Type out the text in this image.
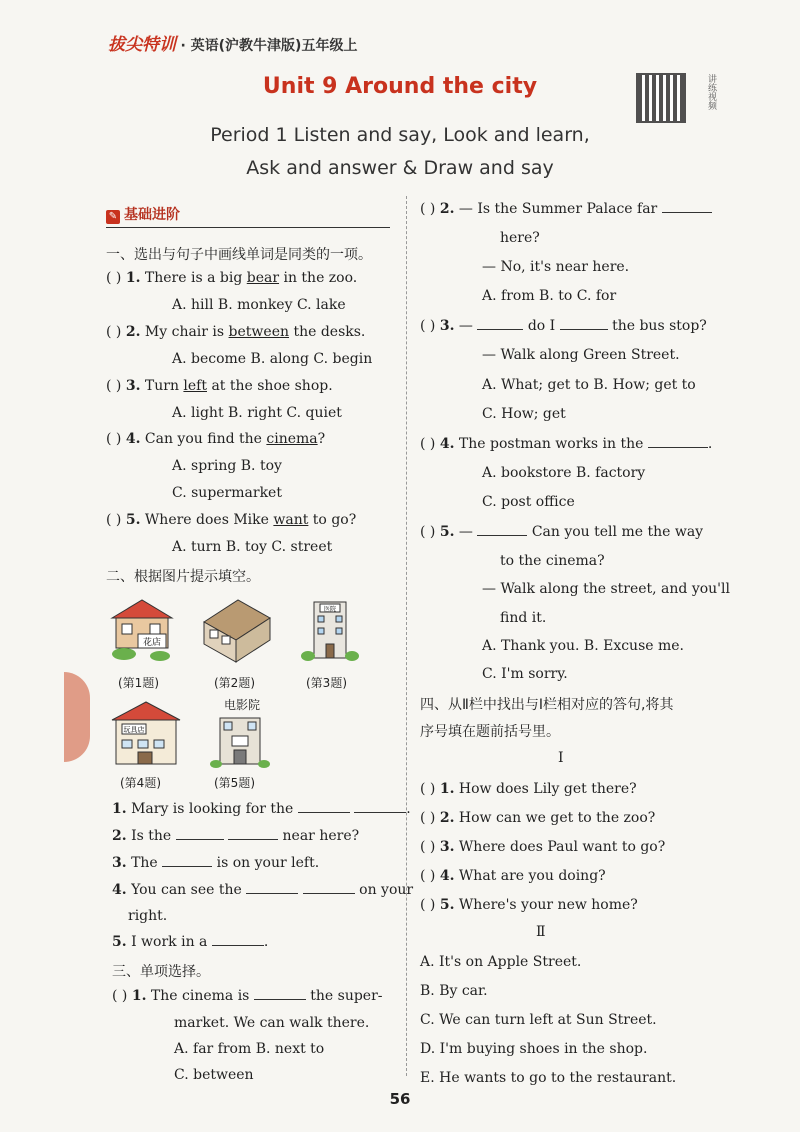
拔尖特训 · 英语(沪教牛津版)五年级上
Unit 9 Around the city
Period 1 Listen and say, Look and learn,
Ask and answer & Draw and say
讲练视频
✎ 基础进阶
一、选出与句子中画线单词是同类的一项。
( ) 1. There is a big bear in the zoo.
A. hill B. monkey C. lake
( ) 2. My chair is between the desks.
A. become B. along C. begin
( ) 3. Turn left at the shoe shop.
A. light B. right C. quiet
( ) 4. Can you find the cinema?
A. spring B. toy
C. supermarket
( ) 5. Where does Mike want to go?
A. turn B. toy C. street
二、根据图片提示填空。
花店
医院
(第1题)	(第2题)	(第3题)
玩具店
电影院
(第4题)	(第5题)
1. Mary is looking for the	.
2. Is the	near here?
3. The	is on your left.
4. You can see the	on your
right.
5. I work in a	.
三、单项选择。
( ) 1. The cinema is	the super-
market. We can walk there.
A. far from B. next to
C. between
( ) 2. — Is the Summer Palace far
here?
— No, it's near here.
A. from B. to C. for
( ) 3. —	do I	the bus stop?
— Walk along Green Street.
A. What; get to B. How; get to
C. How; get
( ) 4. The postman works in the	.
A. bookstore B. factory
C. post office
( ) 5. —	Can you tell me the way
to the cinema?
— Walk along the street, and you'll
find it.
A. Thank you. B. Excuse me.
C. I'm sorry.
四、从Ⅱ栏中找出与Ⅰ栏相对应的答句,将其
序号填在题前括号里。
Ⅰ
( ) 1. How does Lily get there?
( ) 2. How can we get to the zoo?
( ) 3. Where does Paul want to go?
( ) 4. What are you doing?
( ) 5. Where's your new home?
Ⅱ
A. It's on Apple Street.
B. By car.
C. We can turn left at Sun Street.
D. I'm buying shoes in the shop.
E. He wants to go to the restaurant.
56
